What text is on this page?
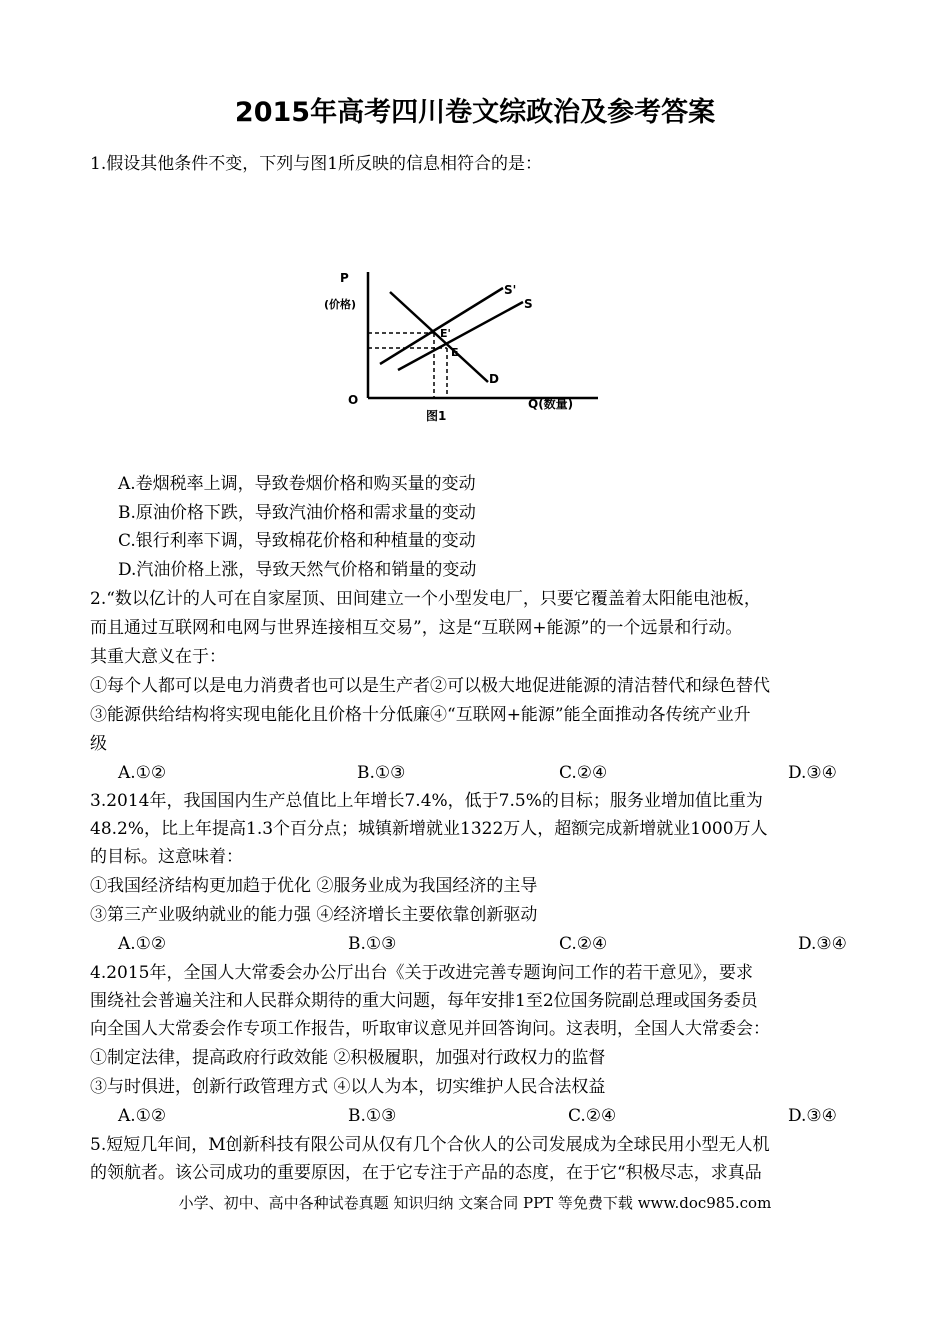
2015年高考四川卷文综政治及参考答案
1.假设其他条件不变，下列与图1所反映的信息相符合的是：
P
(价格)
S'
S
E'
E
D
O	Q(数量)
图1
A.卷烟税率上调，导致卷烟价格和购买量的变动
B.原油价格下跌，导致汽油价格和需求量的变动
C.银行利率下调，导致棉花价格和种植量的变动
D.汽油价格上涨，导致天然气价格和销量的变动
2.“数以亿计的人可在自家屋顶、田间建立一个小型发电厂，只要它覆盖着太阳能电池板，
而且通过互联网和电网与世界连接相互交易”，这是“互联网+能源”的一个远景和行动。
其重大意义在于：
①每个人都可以是电力消费者也可以是生产者②可以极大地促进能源的清洁替代和绿色替代
③能源供给结构将实现电能化且价格十分低廉④“互联网+能源”能全面推动各传统产业升
级
A.①②	B.①③	C.②④	D.③④
3.2014年，我国国内生产总值比上年增长7.4%，低于7.5%的目标；服务业增加值比重为
48.2%，比上年提高1.3个百分点；城镇新增就业1322万人，超额完成新增就业1000万人
的目标。这意味着：
①我国经济结构更加趋于优化 ②服务业成为我国经济的主导
③第三产业吸纳就业的能力强 ④经济增长主要依靠创新驱动
A.①②	B.①③	C.②④	D.③④
4.2015年，全国人大常委会办公厅出台《关于改进完善专题询问工作的若干意见》，要求
围绕社会普遍关注和人民群众期待的重大问题，每年安排1至2位国务院副总理或国务委员
向全国人大常委会作专项工作报告，听取审议意见并回答询问。这表明，全国人大常委会：
①制定法律，提高政府行政效能 ②积极履职，加强对行政权力的监督
③与时俱进，创新行政管理方式 ④以人为本，切实维护人民合法权益
A.①②	B.①③	C.②④	D.③④
5.短短几年间，M创新科技有限公司从仅有几个合伙人的公司发展成为全球民用小型无人机
的领航者。该公司成功的重要原因，在于它专注于产品的态度，在于它“积极尽志，求真品
小学、初中、高中各种试卷真题 知识归纳 文案合同 PPT 等免费下载 www.doc985.com
